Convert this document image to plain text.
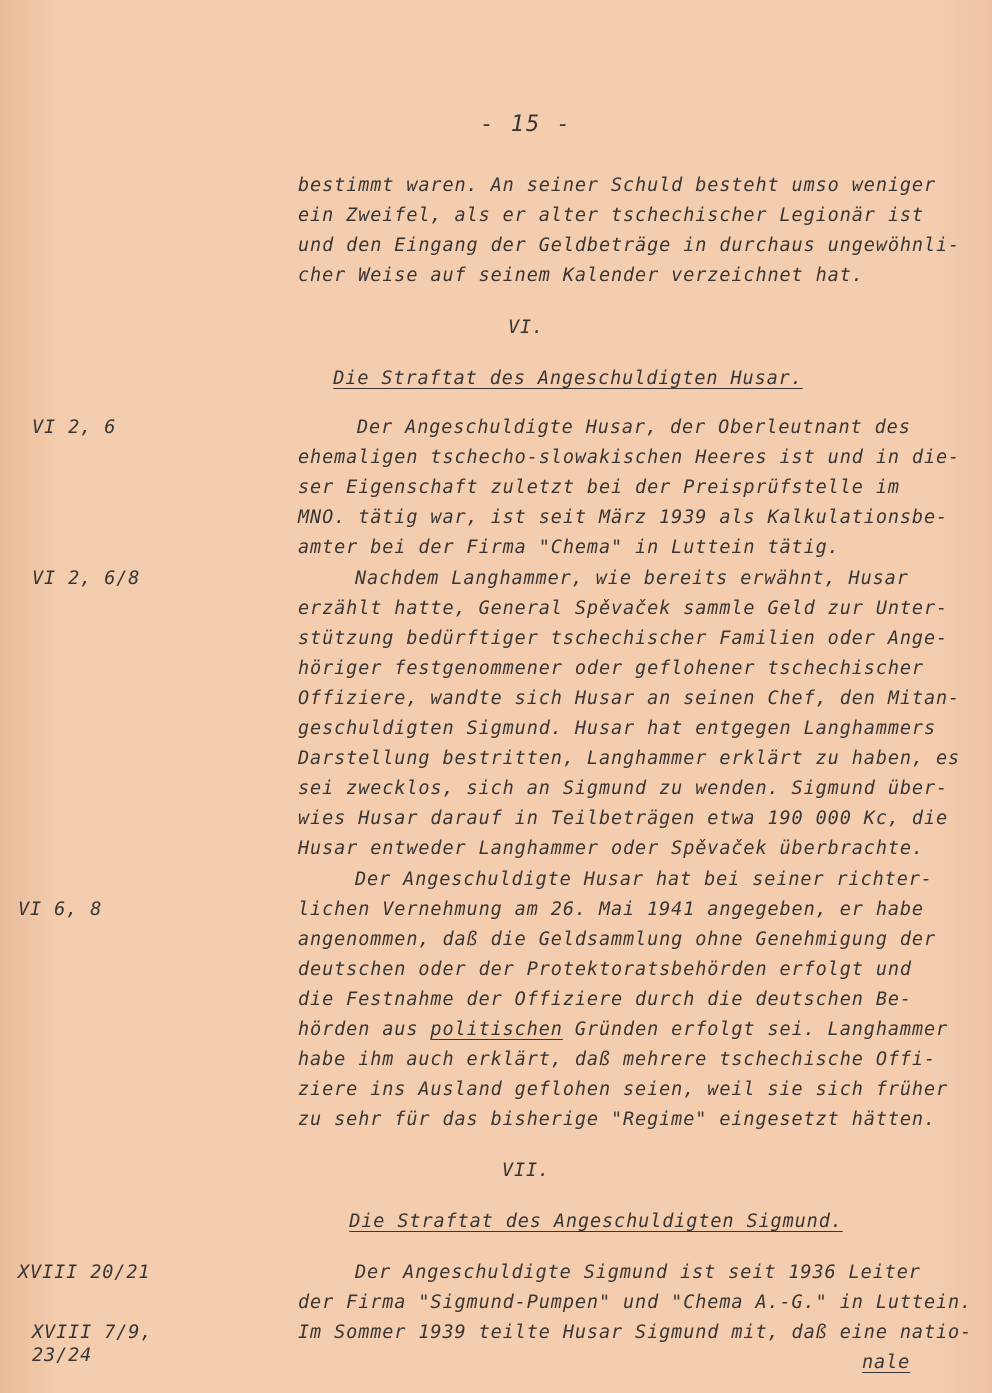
- 15 -
bestimmt waren. An seiner Schuld besteht umso weniger
ein Zweifel, als er alter tschechischer Legionär ist
und den Eingang der Geldbeträge in durchaus ungewöhnli-
cher Weise auf seinem Kalender verzeichnet hat.
VI.
Die Straftat des Angeschuldigten Husar.
VI 2, 6	Der Angeschuldigte Husar, der Oberleutnant des
ehemaligen tschecho-slowakischen Heeres ist und in die-
ser Eigenschaft zuletzt bei der Preisprüfstelle im
MNO. tätig war, ist seit März 1939 als Kalkulationsbe-
amter bei der Firma "Chema" in Luttein tätig.
VI 2, 6/8	Nachdem Langhammer, wie bereits erwähnt, Husar
erzählt hatte, General Spěvaček sammle Geld zur Unter-
stützung bedürftiger tschechischer Familien oder Ange-
höriger festgenommener oder geflohener tschechischer
Offiziere, wandte sich Husar an seinen Chef, den Mitan-
geschuldigten Sigmund. Husar hat entgegen Langhammers
Darstellung bestritten, Langhammer erklärt zu haben, es
sei zwecklos, sich an Sigmund zu wenden. Sigmund über-
wies Husar darauf in Teilbeträgen etwa 190 000 Kc, die
Husar entweder Langhammer oder Spěvaček überbrachte.
VI 6, 8
Der Angeschuldigte Husar hat bei seiner richter-
lichen Vernehmung am 26. Mai 1941 angegeben, er habe
angenommen, daß die Geldsammlung ohne Genehmigung der
deutschen oder der Protektoratsbehörden erfolgt und
die Festnahme der Offiziere durch die deutschen Be-
hörden aus politischen Gründen erfolgt sei. Langhammer
habe ihm auch erklärt, daß mehrere tschechische Offi-
ziere ins Ausland geflohen seien, weil sie sich früher
zu sehr für das bisherige "Regime" eingesetzt hätten.
VII.
Die Straftat des Angeschuldigten Sigmund.
XVIII 20/21	Der Angeschuldigte Sigmund ist seit 1936 Leiter
der Firma "Sigmund-Pumpen" und "Chema A.-G." in Luttein.
XVIII 7/9,	Im Sommer 1939 teilte Husar Sigmund mit, daß eine natio-
23/24	nale
